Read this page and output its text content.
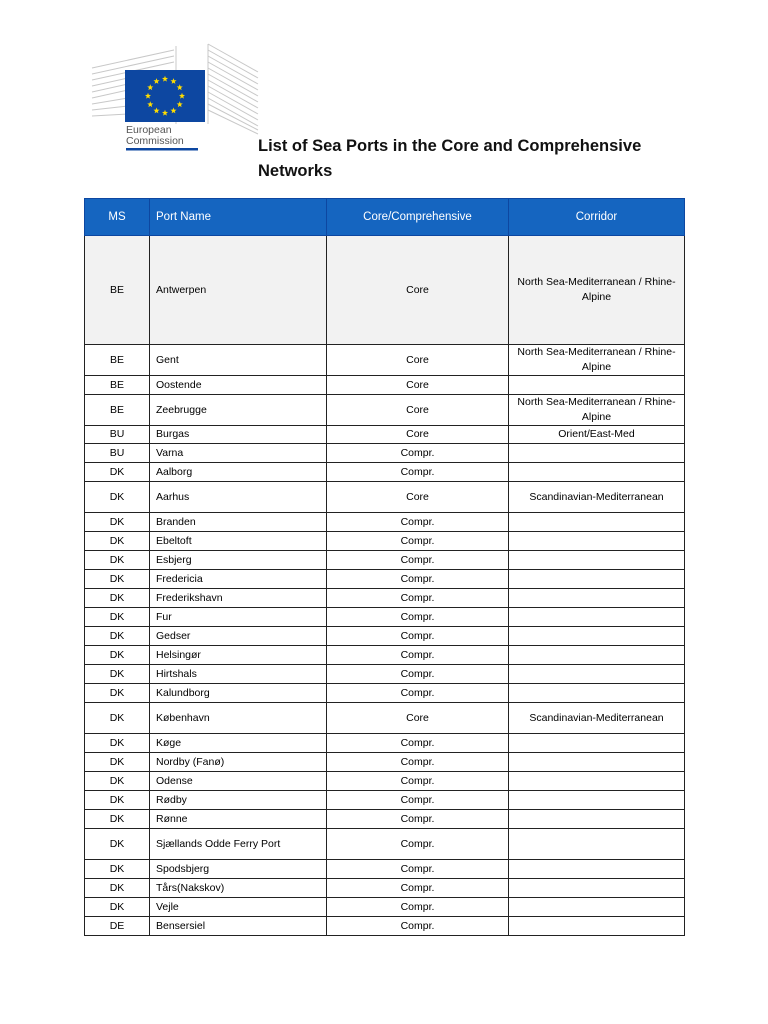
European
Commission	List of Sea Ports in the Core and Comprehensive
Networks
MS	Port Name	Core/Comprehensive	Corridor
BE	Antwerpen	Core	North Sea-Mediterranean / Rhine-Alpine
BE	Gent	Core	North Sea-Mediterranean / Rhine-Alpine
BE	Oostende	Core	
BE	Zeebrugge	Core	North Sea-Mediterranean / Rhine-Alpine
BU	Burgas	Core	Orient/East-Med
BU	Varna	Compr.	
DK	Aalborg	Compr.	
DK	Aarhus	Core	Scandinavian-Mediterranean
DK	Branden	Compr.	
DK	Ebeltoft	Compr.	
DK	Esbjerg	Compr.	
DK	Fredericia	Compr.	
DK	Frederikshavn	Compr.	
DK	Fur	Compr.	
DK	Gedser	Compr.	
DK	Helsingør	Compr.	
DK	Hirtshals	Compr.	
DK	Kalundborg	Compr.	
DK	København	Core	Scandinavian-Mediterranean
DK	Køge	Compr.	
DK	Nordby (Fanø)	Compr.	
DK	Odense	Compr.	
DK	Rødby	Compr.	
DK	Rønne	Compr.	
DK	Sjællands Odde Ferry Port	Compr.	
DK	Spodsbjerg	Compr.	
DK	Tårs(Nakskov)	Compr.	
DK	Vejle	Compr.	
DE	Bensersiel	Compr.	
